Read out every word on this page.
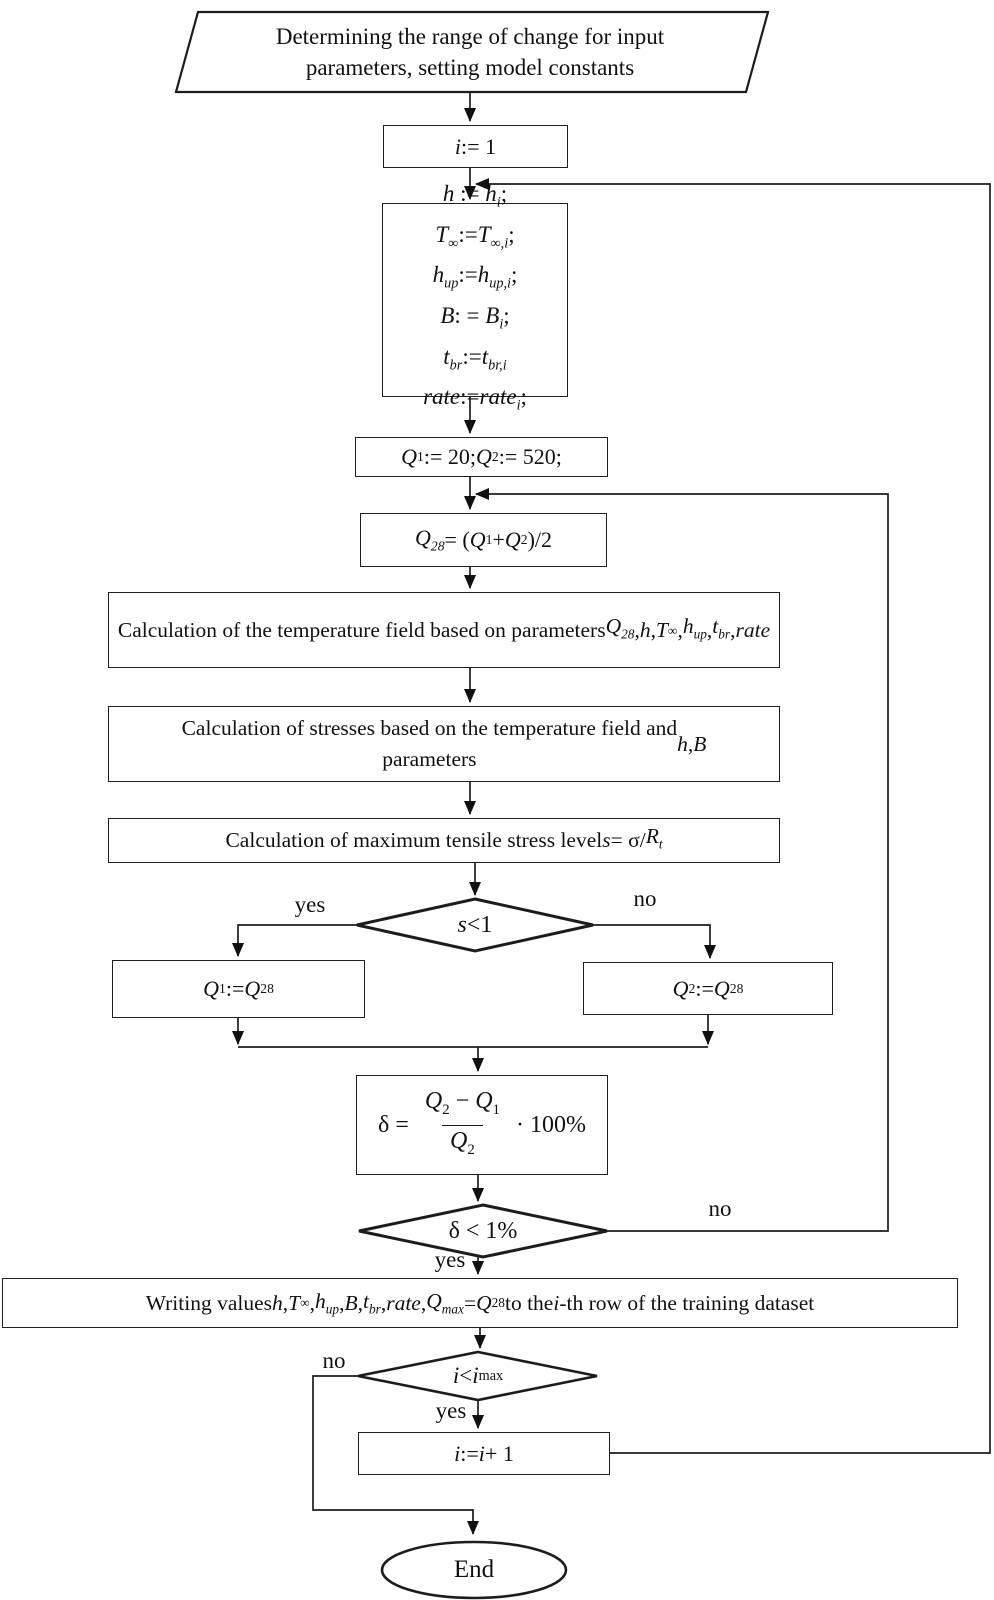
Determining the range of change for input
parameters, setting model constants
i := 1
h := $h_i$;
$T_\infty:=T_{\infty,i}$;
$h_{up}:=h_{up,i}$;
B: = $B_i$;
$t_{br}:=t_{br,i}$
rate:=rate$_i$;
Q 1 := 20; Q 2 := 520;
$Q_{28}$ = ( Q 1 + Q 2 )/2
Calculation of the temperature field based on parameters $Q_{28}$ , h , T ∞ , $h_{up}$ , $t_{br}$ , rate
Calculation of stresses based on the temperature field and
parameters
h , B
Calculation of maximum tensile stress level s = σ/ $R_t$
s <1
yes	no
Q 1 := Q 28	Q 2 := Q 28
$\delta = \frac{Q_2 - Q_1}{Q_2} \cdot 100\%$
δ < 1%
no
yes
Writing values h , T ∞ , $h_{up}$ , B , $t_{br}$ , rate , $Q_{max} = Q$ 28 to the i -th row of the training dataset
i < i max
no
yes
i := i + 1
End
